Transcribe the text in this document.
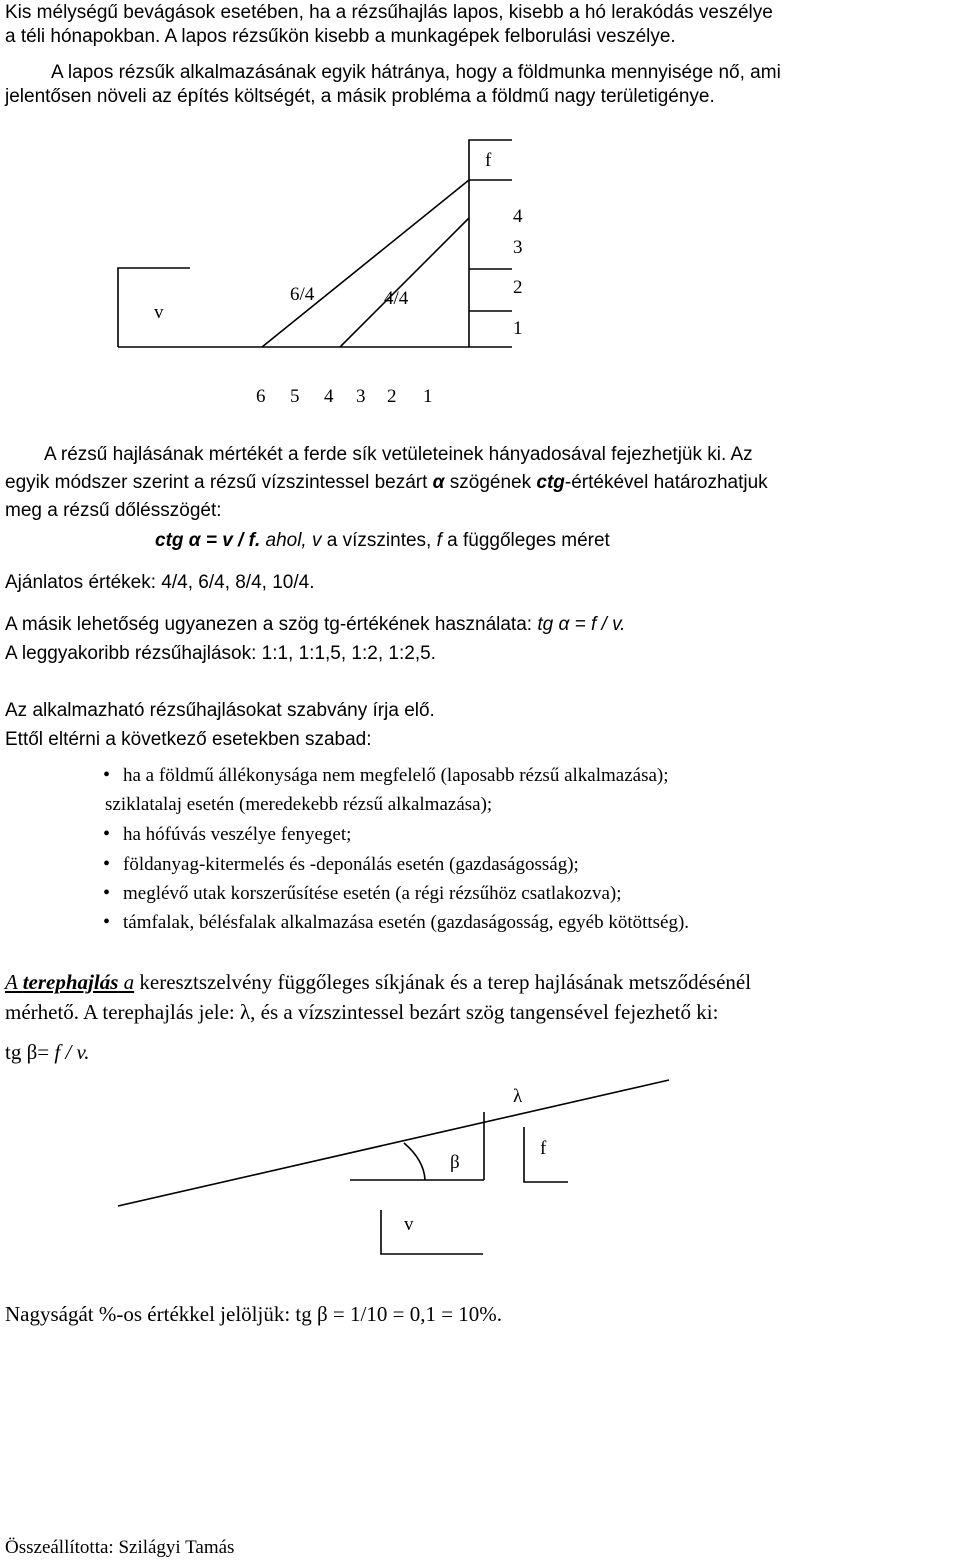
Kis mélységű bevágások esetében, ha a rézsűhajlás lapos, kisebb a hó lerakódás veszélye
a téli hónapokban. A lapos rézsűkön kisebb a munkagépek felborulási veszélye.
A lapos rézsűk alkalmazásának egyik hátránya, hogy a földmunka mennyisége nő, ami
jelentősen növeli az építés költségét, a másik probléma a földmű nagy területigénye.
f
4
3
2
1
v
6/4	4/4
6 5 4 3 2 1
A rézsű hajlásának mértékét a ferde sík vetületeinek hányadosával fejezhetjük ki. Az
egyik módszer szerint a rézsű vízszintessel bezárt α szögének ctg-értékével határozhatjuk
meg a rézsű dőlésszögét:
ctg α = v / f. ahol, v a vízszintes, f a függőleges méret
Ajánlatos értékek: 4/4, 6/4, 8/4, 10/4.
A másik lehetőség ugyanezen a szög tg-értékének használata: tg α = f / v.
A leggyakoribb rézsűhajlások: 1:1, 1:1,5, 1:2, 1:2,5.
Az alkalmazható rézsűhajlásokat szabvány írja elő.
Ettől eltérni a következő esetekben szabad:
• ha a földmű állékonysága nem megfelelő (laposabb rézsű alkalmazása);
sziklatalaj esetén (meredekebb rézsű alkalmazása);
• ha hófúvás veszélye fenyeget;
• földanyag-kitermelés és -deponálás esetén (gazdaságosság);
• meglévő utak korszerűsítése esetén (a régi rézsűhöz csatlakozva);
• támfalak, bélésfalak alkalmazása esetén (gazdaságosság, egyéb kötöttség).
A terephajlás a keresztszelvény függőleges síkjának és a terep hajlásának metsződésénél
mérhető. A terephajlás jele: λ, és a vízszintessel bezárt szög tangensével fejezhető ki:
tg β= f / v.
λ
β
f
v
Nagyságát %-os értékkel jelöljük: tg β = 1/10 = 0,1 = 10%.
Összeállította: Szilágyi Tamás
